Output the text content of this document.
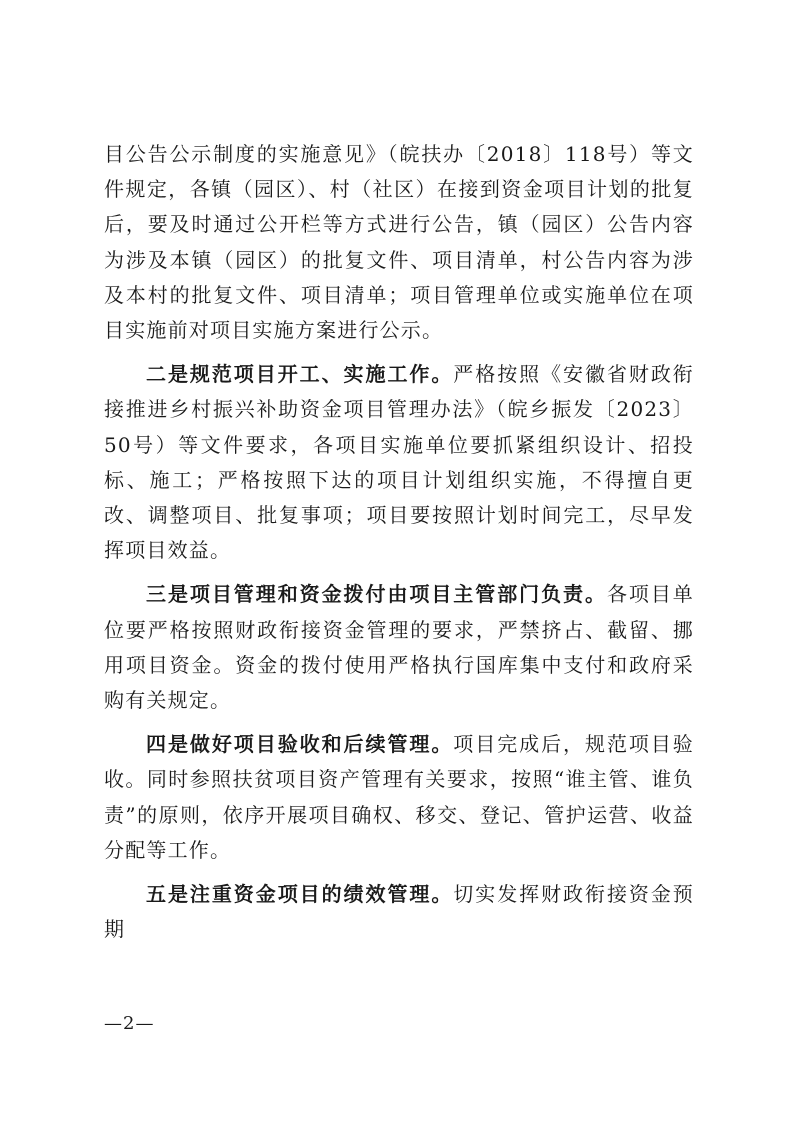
目公告公示制度的实施意见》（皖扶办〔2018〕118号）等文件规定，各镇（园区）、村（社区）在接到资金项目计划的批复后，要及时通过公开栏等方式进行公告，镇（园区）公告内容为涉及本镇（园区）的批复文件、项目清单，村公告内容为涉及本村的批复文件、项目清单；项目管理单位或实施单位在项目实施前对项目实施方案进行公示。

二是规范项目开工、实施工作。严格按照《安徽省财政衔接推进乡村振兴补助资金项目管理办法》（皖乡振发〔2023〕50号）等文件要求，各项目实施单位要抓紧组织设计、招投标、施工；严格按照下达的项目计划组织实施，不得擅自更改、调整项目、批复事项；项目要按照计划时间完工，尽早发挥项目效益。

三是项目管理和资金拨付由项目主管部门负责。各项目单位要严格按照财政衔接资金管理的要求，严禁挤占、截留、挪用项目资金。资金的拨付使用严格执行国库集中支付和政府采购有关规定。

四是做好项目验收和后续管理。项目完成后，规范项目验收。同时参照扶贫项目资产管理有关要求，按照“谁主管、谁负责”的原则，依序开展项目确权、移交、登记、管护运营、收益分配等工作。

五是注重资金项目的绩效管理。切实发挥财政衔接资金预期

—2—
